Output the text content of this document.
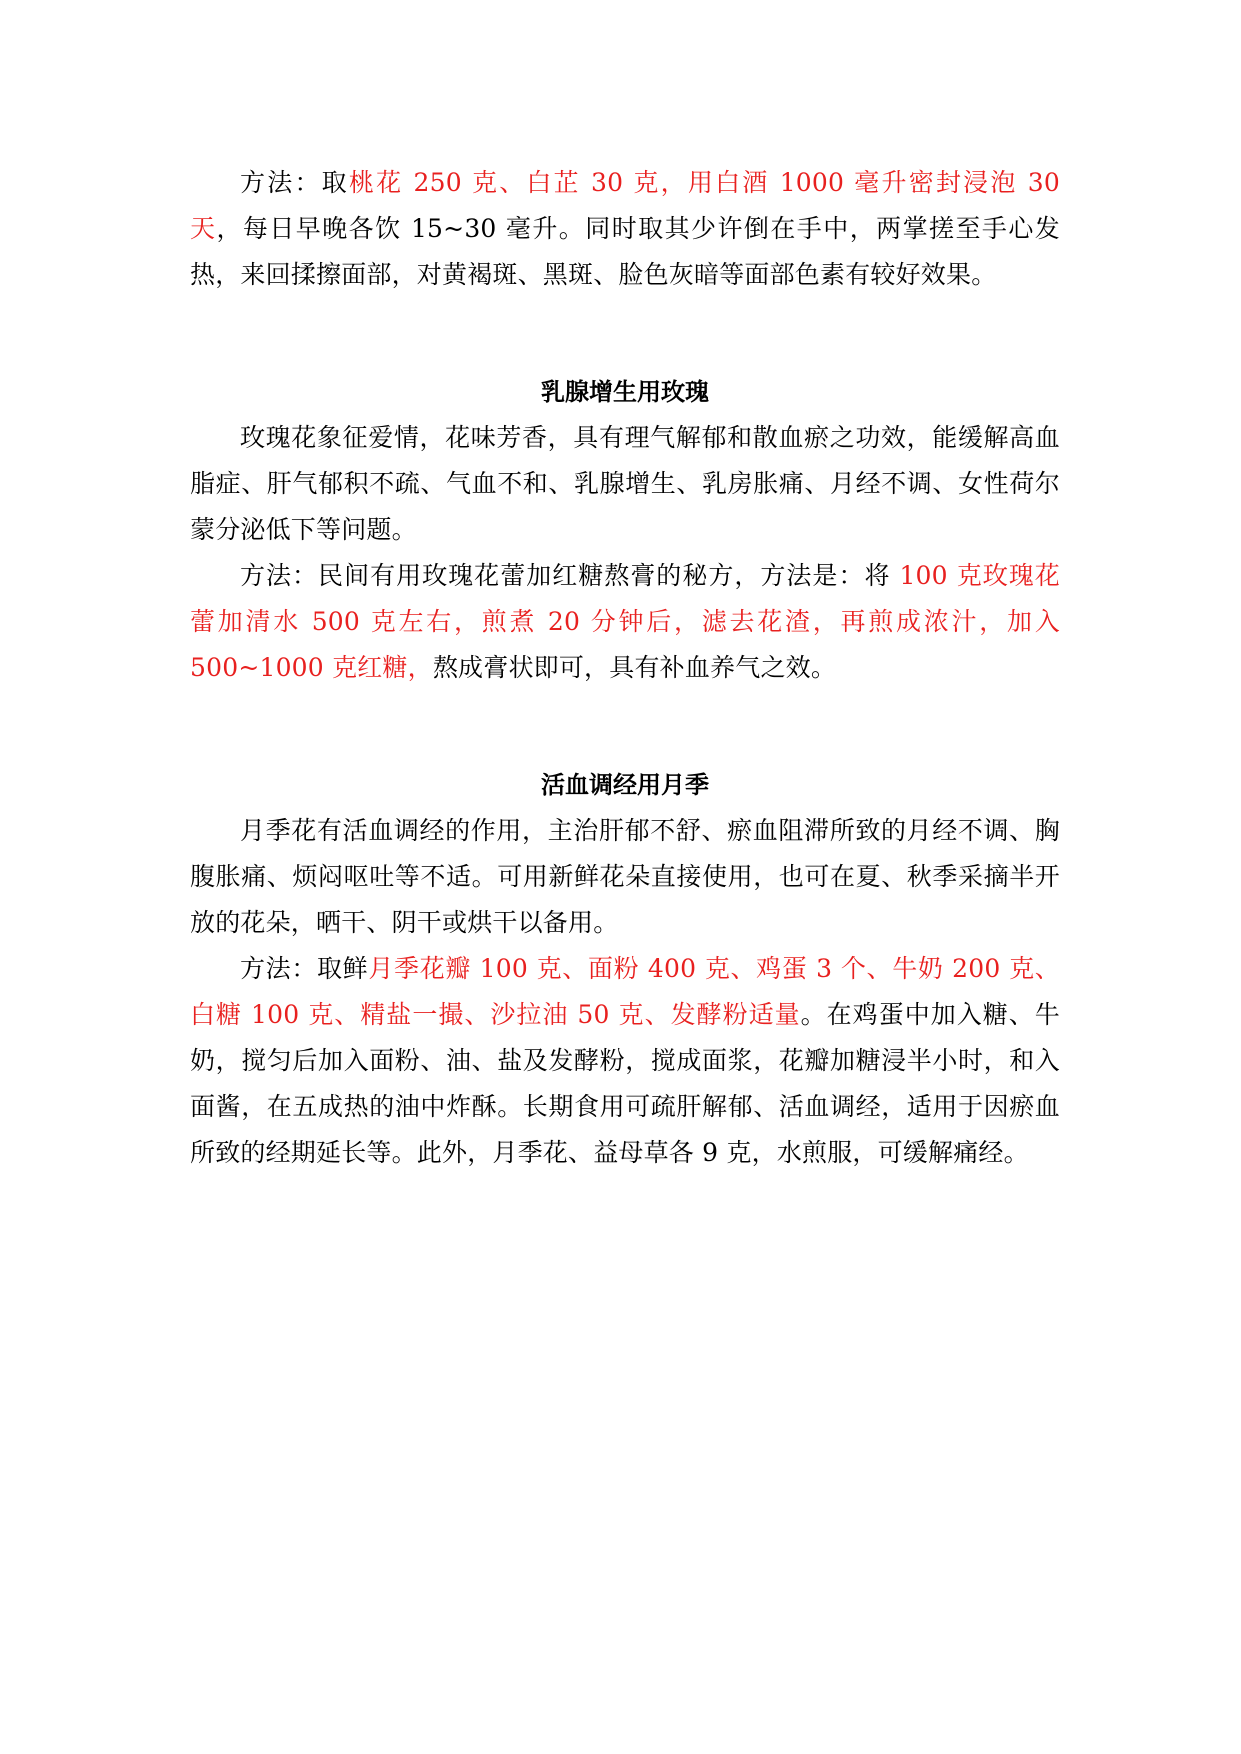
方法：取桃花 250 克、白芷 30 克，用白酒 1000 毫升密封浸泡 30 天，每日早晚各饮 15~30 毫升。同时取其少许倒在手中，两掌搓至手心发热，来回揉擦面部，对黄褐斑、黑斑、脸色灰暗等面部色素有较好效果。

乳腺增生用玫瑰

玫瑰花象征爱情，花味芳香，具有理气解郁和散血瘀之功效，能缓解高血脂症、肝气郁积不疏、气血不和、乳腺增生、乳房胀痛、月经不调、女性荷尔蒙分泌低下等问题。

方法：民间有用玫瑰花蕾加红糖熬膏的秘方，方法是：将 100 克玫瑰花蕾加清水 500 克左右，煎煮 20 分钟后，滤去花渣，再煎成浓汁，加入 500~1000 克红糖，熬成膏状即可，具有补血养气之效。

活血调经用月季

月季花有活血调经的作用，主治肝郁不舒、瘀血阻滞所致的月经不调、胸腹胀痛、烦闷呕吐等不适。可用新鲜花朵直接使用，也可在夏、秋季采摘半开放的花朵，晒干、阴干或烘干以备用。

方法：取鲜月季花瓣 100 克、面粉 400 克、鸡蛋 3 个、牛奶 200 克、白糖 100 克、精盐一撮、沙拉油 50 克、发酵粉适量。在鸡蛋中加入糖、牛奶，搅匀后加入面粉、油、盐及发酵粉，搅成面浆，花瓣加糖浸半小时，和入面酱，在五成热的油中炸酥。长期食用可疏肝解郁、活血调经，适用于因瘀血所致的经期延长等。此外，月季花、益母草各 9 克，水煎服，可缓解痛经。
